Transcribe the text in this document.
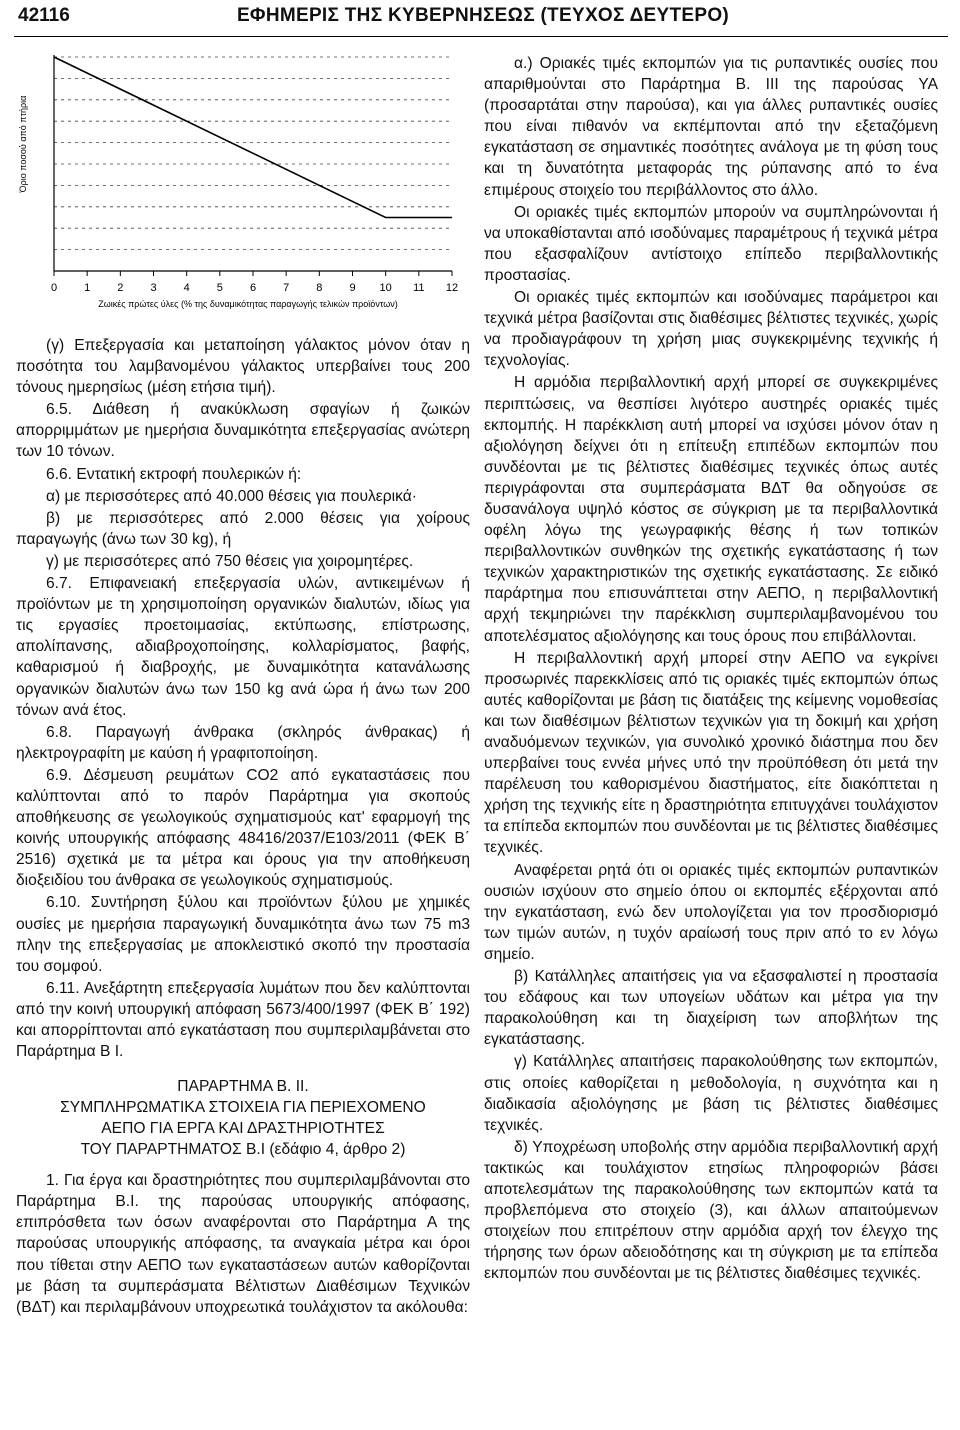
42116	ΕΦΗΜΕΡΙΣ ΤΗΣ ΚΥΒΕΡΝΗΣΕΩΣ (ΤΕΥΧΟΣ ΔΕΥΤΕΡΟ)
0 1 2 3 4 5 6 7 8 9 10 11 12
Όριο ποσού από πτήρια
Ζωικές πρώτες ύλες (% της δυναμικότητας παραγωγής τελικών προϊόντων)

(γ) Επεξεργασία και μεταποίηση γάλακτος μόνον όταν η ποσότητα του λαμβανομένου γάλακτος υπερβαίνει τους 200 τόνους ημερησίως (μέση ετήσια τιμή).

6.5. Διάθεση ή ανακύκλωση σφαγίων ή ζωικών απορριμμάτων με ημερήσια δυναμικότητα επεξεργασίας ανώτερη των 10 τόνων.

6.6. Εντατική εκτροφή πουλερικών ή:

α) με περισσότερες από 40.000 θέσεις για πουλερικά·

β) με περισσότερες από 2.000 θέσεις για χοίρους παραγωγής (άνω των 30 kg), ή

γ) με περισσότερες από 750 θέσεις για χοιρομητέρες.

6.7. Επιφανειακή επεξεργασία υλών, αντικειμένων ή προϊόντων με τη χρησιμοποίηση οργανικών διαλυτών, ιδίως για τις εργασίες προετοιμασίας, εκτύπωσης, επίστρωσης, απολίπανσης, αδιαβροχοποίησης, κολλαρίσματος, βαφής, καθαρισμού ή διαβροχής, με δυναμικότητα κατανάλωσης οργανικών διαλυτών άνω των 150 kg ανά ώρα ή άνω των 200 τόνων ανά έτος.

6.8. Παραγωγή άνθρακα (σκληρός άνθρακας) ή ηλεκτρογραφίτη με καύση ή γραφιτοποίηση.

6.9. Δέσμευση ρευμάτων CO2 από εγκαταστάσεις που καλύπτονται από το παρόν Παράρτημα για σκοπούς αποθήκευσης σε γεωλογικούς σχηματισμούς κατ' εφαρμογή της κοινής υπουργικής απόφασης 48416/2037/Ε103/2011 (ΦΕΚ Β΄ 2516) σχετικά με τα μέτρα και όρους για την αποθήκευση διοξειδίου του άνθρακα σε γεωλογικούς σχηματισμούς.

6.10. Συντήρηση ξύλου και προϊόντων ξύλου με χημικές ουσίες με ημερήσια παραγωγική δυναμικότητα άνω των 75 m3 πλην της επεξεργασίας με αποκλειστικό σκοπό την προστασία του σομφού.

6.11. Ανεξάρτητη επεξεργασία λυμάτων που δεν καλύπτονται από την κοινή υπουργική απόφαση 5673/400/1997 (ΦΕΚ Β΄ 192) και απορρίπτονται από εγκατάσταση που συμπεριλαμβάνεται στο Παράρτημα Β Ι.

ΠΑΡΑΡΤΗΜΑ Β. ΙΙ.
ΣΥΜΠΛΗΡΩΜΑΤΙΚΑ ΣΤΟΙΧΕΙΑ ΓΙΑ ΠΕΡΙΕΧΟΜΕΝΟ
ΑΕΠΟ ΓΙΑ ΕΡΓΑ ΚΑΙ ΔΡΑΣΤΗΡΙΟΤΗΤΕΣ
ΤΟΥ ΠΑΡΑΡΤΗΜΑΤΟΣ Β.Ι (εδάφιο 4, άρθρο 2)

1. Για έργα και δραστηριότητες που συμπεριλαμβάνονται στο Παράρτημα Β.Ι. της παρούσας υπουργικής απόφασης, επιπρόσθετα των όσων αναφέρονται στο Παράρτημα Α της παρούσας υπουργικής απόφασης, τα αναγκαία μέτρα και όροι που τίθεται στην ΑΕΠΟ των εγκαταστάσεων αυτών καθορίζονται με βάση τα συμπεράσματα Βέλτιστων Διαθέσιμων Τεχνικών (ΒΔΤ) και περιλαμβάνουν υποχρεωτικά τουλάχιστον τα ακόλουθα:

α.) Οριακές τιμές εκπομπών για τις ρυπαντικές ουσίες που απαριθμούνται στο Παράρτημα Β. ΙΙΙ της παρούσας ΥΑ (προσαρτάται στην παρούσα), και για άλλες ρυπαντικές ουσίες που είναι πιθανόν να εκπέμπονται από την εξεταζόμενη εγκατάσταση σε σημαντικές ποσότητες ανάλογα με τη φύση τους και τη δυνατότητα μεταφοράς της ρύπανσης από το ένα επιμέρους στοιχείο του περιβάλλοντος στο άλλο.

Οι οριακές τιμές εκπομπών μπορούν να συμπληρώνονται ή να υποκαθίστανται από ισοδύναμες παραμέτρους ή τεχνικά μέτρα που εξασφαλίζουν αντίστοιχο επίπεδο περιβαλλοντικής προστασίας.

Οι οριακές τιμές εκπομπών και ισοδύναμες παράμετροι και τεχνικά μέτρα βασίζονται στις διαθέσιμες βέλτιστες τεχνικές, χωρίς να προδιαγράφουν τη χρήση μιας συγκεκριμένης τεχνικής ή τεχνολογίας.

Η αρμόδια περιβαλλοντική αρχή μπορεί σε συγκεκριμένες περιπτώσεις, να θεσπίσει λιγότερο αυστηρές οριακές τιμές εκπομπής. Η παρέκκλιση αυτή μπορεί να ισχύσει μόνον όταν η αξιολόγηση δείχνει ότι η επίτευξη επιπέδων εκπομπών που συνδέονται με τις βέλτιστες διαθέσιμες τεχνικές όπως αυτές περιγράφονται στα συμπεράσματα ΒΔΤ θα οδηγούσε σε δυσανάλογα υψηλό κόστος σε σύγκριση με τα περιβαλλοντικά οφέλη λόγω της γεωγραφικής θέσης ή των τοπικών περιβαλλοντικών συνθηκών της σχετικής εγκατάστασης ή των τεχνικών χαρακτηριστικών της σχετικής εγκατάστασης. Σε ειδικό παράρτημα που επισυνάπτεται στην ΑΕΠΟ, η περιβαλλοντική αρχή τεκμηριώνει την παρέκκλιση συμπεριλαμβανομένου του αποτελέσματος αξιολόγησης και τους όρους που επιβάλλονται.

Η περιβαλλοντική αρχή μπορεί στην ΑΕΠΟ να εγκρίνει προσωρινές παρεκκλίσεις από τις οριακές τιμές εκπομπών όπως αυτές καθορίζονται με βάση τις διατάξεις της κείμενης νομοθεσίας και των διαθέσιμων βέλτιστων τεχνικών για τη δοκιμή και χρήση αναδυόμενων τεχνικών, για συνολικό χρονικό διάστημα που δεν υπερβαίνει τους εννέα μήνες υπό την προϋπόθεση ότι μετά την παρέλευση του καθορισμένου διαστήματος, είτε διακόπτεται η χρήση της τεχνικής είτε η δραστηριότητα επιτυγχάνει τουλάχιστον τα επίπεδα εκπομπών που συνδέονται με τις βέλτιστες διαθέσιμες τεχνικές.

Αναφέρεται ρητά ότι οι οριακές τιμές εκπομπών ρυπαντικών ουσιών ισχύουν στο σημείο όπου οι εκπομπές εξέρχονται από την εγκατάσταση, ενώ δεν υπολογίζεται για τον προσδιορισμό των τιμών αυτών, η τυχόν αραίωσή τους πριν από το εν λόγω σημείο.

β) Κατάλληλες απαιτήσεις για να εξασφαλιστεί η προστασία του εδάφους και των υπογείων υδάτων και μέτρα για την παρακολούθηση και τη διαχείριση των αποβλήτων της εγκατάστασης.

γ) Κατάλληλες απαιτήσεις παρακολούθησης των εκπομπών, στις οποίες καθορίζεται η μεθοδολογία, η συχνότητα και η διαδικασία αξιολόγησης με βάση τις βέλτιστες διαθέσιμες τεχνικές.

δ) Υποχρέωση υποβολής στην αρμόδια περιβαλλοντική αρχή τακτικώς και τουλάχιστον ετησίως πληροφοριών βάσει αποτελεσμάτων της παρακολούθησης των εκπομπών κατά τα προβλεπόμενα στο στοιχείο (3), και άλλων απαιτούμενων στοιχείων που επιτρέπουν στην αρμόδια αρχή τον έλεγχο της τήρησης των όρων αδειοδότησης και τη σύγκριση με τα επίπεδα εκπομπών που συνδέονται με τις βέλτιστες διαθέσιμες τεχνικές.
